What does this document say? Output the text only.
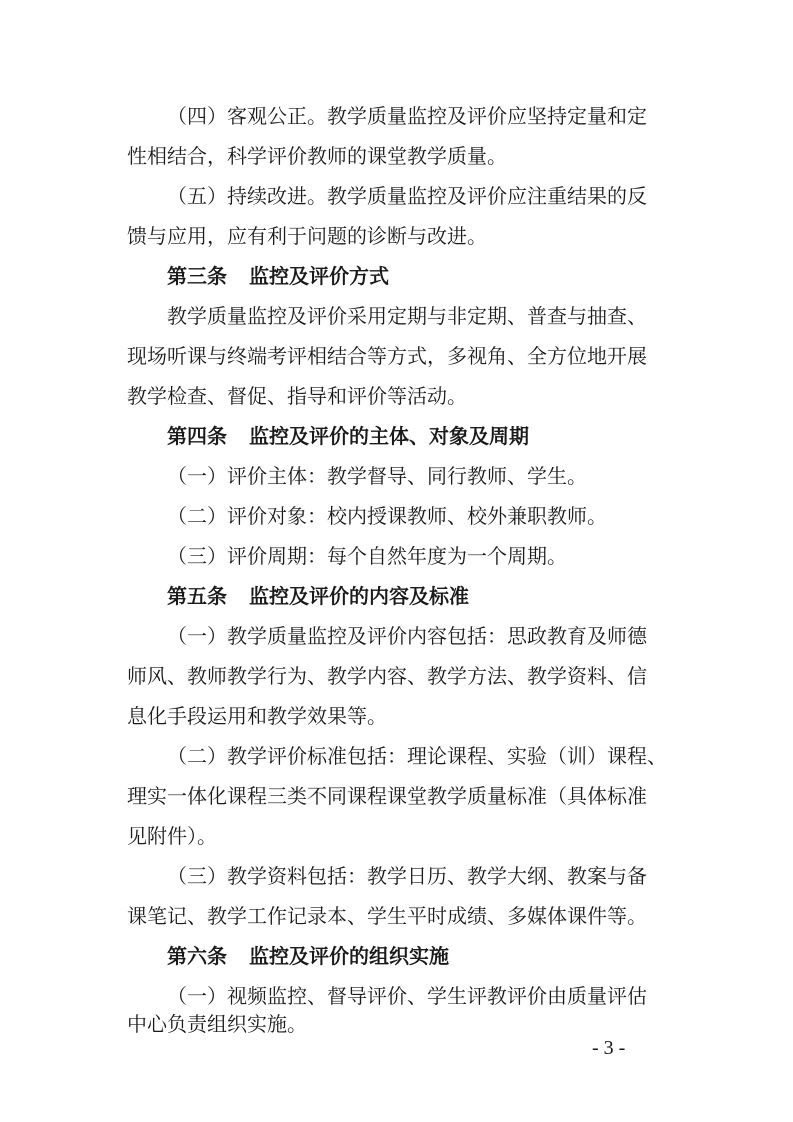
（四）客观公正。教学质量监控及评价应坚持定量和定
性相结合，科学评价教师的课堂教学质量。
（五）持续改进。教学质量监控及评价应注重结果的反
馈与应用，应有利于问题的诊断与改进。
第三条 监控及评价方式
教学质量监控及评价采用定期与非定期、普查与抽查、
现场听课与终端考评相结合等方式，多视角、全方位地开展
教学检查、督促、指导和评价等活动。
第四条 监控及评价的主体、对象及周期
（一）评价主体：教学督导、同行教师、学生。
（二）评价对象：校内授课教师、校外兼职教师。
（三）评价周期：每个自然年度为一个周期。
第五条 监控及评价的内容及标准
（一）教学质量监控及评价内容包括：思政教育及师德
师风、教师教学行为、教学内容、教学方法、教学资料、信
息化手段运用和教学效果等。
（二）教学评价标准包括：理论课程、实验（训）课程、
理实一体化课程三类不同课程课堂教学质量标准（具体标准
见附件）。
（三）教学资料包括：教学日历、教学大纲、教案与备
课笔记、教学工作记录本、学生平时成绩、多媒体课件等。
第六条 监控及评价的组织实施
（一）视频监控、督导评价、学生评教评价由质量评估
中心负责组织实施。
- 3 -
